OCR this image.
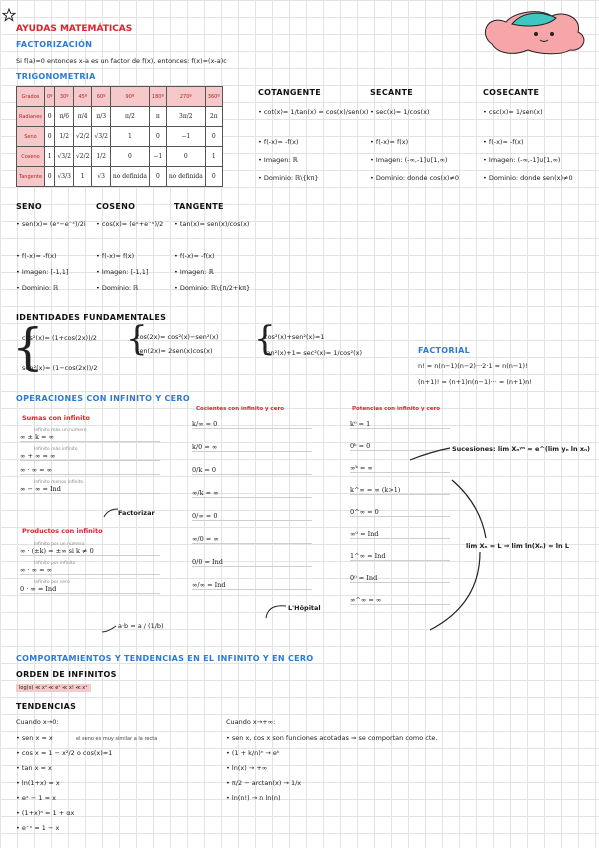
AYUDAS MATEMÁTICAS
FACTORIZACIÓN
Si f(a)=0 entonces x-a es un factor de f(x), entonces: f(x)=(x-a)c
TRIGONOMETRIA
Grados	0º	30º	45º	60º	90º	180º	270º	360º
Radianes	0	π/6	π/4	π/3	π/2	π	3π/2	2π
Seno	0	1/2	√2/2	√3/2	1	0	−1	0
Coseno	1	√3/2	√2/2	1/2	0	−1	0	1
Tangente	0	√3/3	1	√3	no definida	0	no definida	0
COTANGENTE
• cot(x)= 1/tan(x) = cos(x)/sen(x)
• f(-x)= -f(x)
• Imagen: ℝ
• Dominio: ℝ\{kπ}
SECANTE
• sec(x)= 1/cos(x)
• f(-x)= f(x)
• Imagen: (-∞,-1]∪[1,∞)
• Dominio: donde cos(x)≠0
COSECANTE
• csc(x)= 1/sen(x)
• f(-x)= -f(x)
• Imagen: (-∞,-1]∪[1,∞)
• Dominio: donde sen(x)≠0
SENO
• sen(x)= (eˣ−e⁻ˣ)/2i
• f(-x)= -f(x)
• Imagen: [-1,1]
• Dominio: ℝ
COSENO
• cos(x)= (eˣ+e⁻ˣ)/2
• f(-x)= f(x)
• Imagen: [-1,1]
• Dominio: ℝ
TANGENTE
• tan(x)= sen(x)/cos(x)
• f(-x)= -f(x)
• Imagen: ℝ
• Dominio: ℝ\{π/2+kπ}
IDENTIDADES FUNDAMENTALES
{
cos²(x)= (1+cos(2x))/2
sen²(x)= (1−cos(2x))/2
{
cos(2x)= cos²(x)−sen²(x)
sen(2x)= 2sen(x)cos(x) {
cos²(x)+sen²(x)=1
tan²(x)+1= sec²(x)= 1/cos²(x)	FACTORIAL
n! = n(n−1)(n−2)···2·1 = n(n−1)!
(n+1)! = (n+1)n(n−1)··· = (n+1)n!
OPERACIONES CON INFINITO Y CERO
Sumas con infinito
Infinito más un número
∞ ± k = ∞
Infinito más infinito
∞ + ∞ = ∞
∞ · ∞ = ∞
Infinito menos infinito
∞ − ∞ = Ind
Factorizar
Productos con infinito
Infinito por un número
∞ · (±k) = ±∞ si k ≠ 0
Infinito por infinito
∞ · ∞ = ∞
Infinito por cero
0 · ∞ = Ind
a·b = a / (1/b)
Cocientes con infinito y cero
k/∞ = 0
k/0 = ∞
0/k = 0
∞/k = ∞
0/∞ = 0
∞/0 = ∞
0/0 = Ind
∞/∞ = Ind
L'Hôpital
Potencias con infinito y cero
k⁰ = 1
0ᵏ = 0
∞ᵏ = ∞
k^∞ = ∞ (k>1)
0^∞ = 0
∞⁰ = Ind
1^∞ = Ind
0⁰ = Ind
∞^∞ = ∞
Sucesiones: lim Xₙʸⁿ = e^(lim yₙ ln xₙ)
lim Xₙ = L ⇒ lim ln(Xₙ) = ln L
COMPORTAMIENTOS Y TENDENCIAS EN EL INFINITO Y EN CERO
ORDEN DE INFINITOS
log(x) ≪ xᵃ ≪ eˣ ≪ x! ≪ xˣ
TENDENCIAS
Cuando x→0:	Cuando x→+∞:
• sen x ≈ x
• cos x ≈ 1 − x²/2 o cos(x)≈1
• tan x ≈ x
• ln(1+x) ≈ x
• eˣ − 1 ≈ x
• (1+x)ᵃ ≈ 1 + αx
• e⁻ˣ ≈ 1 − x
el seno es muy similar a la recta	• sen x, cos x son funciones acotadas ⇒ se comportan como cte.
• (1 + k/n)ⁿ → eᵏ
• ln(x) → +∞
• π/2 − arctan(x) → 1/x
• ln(n!) → n ln(n)
